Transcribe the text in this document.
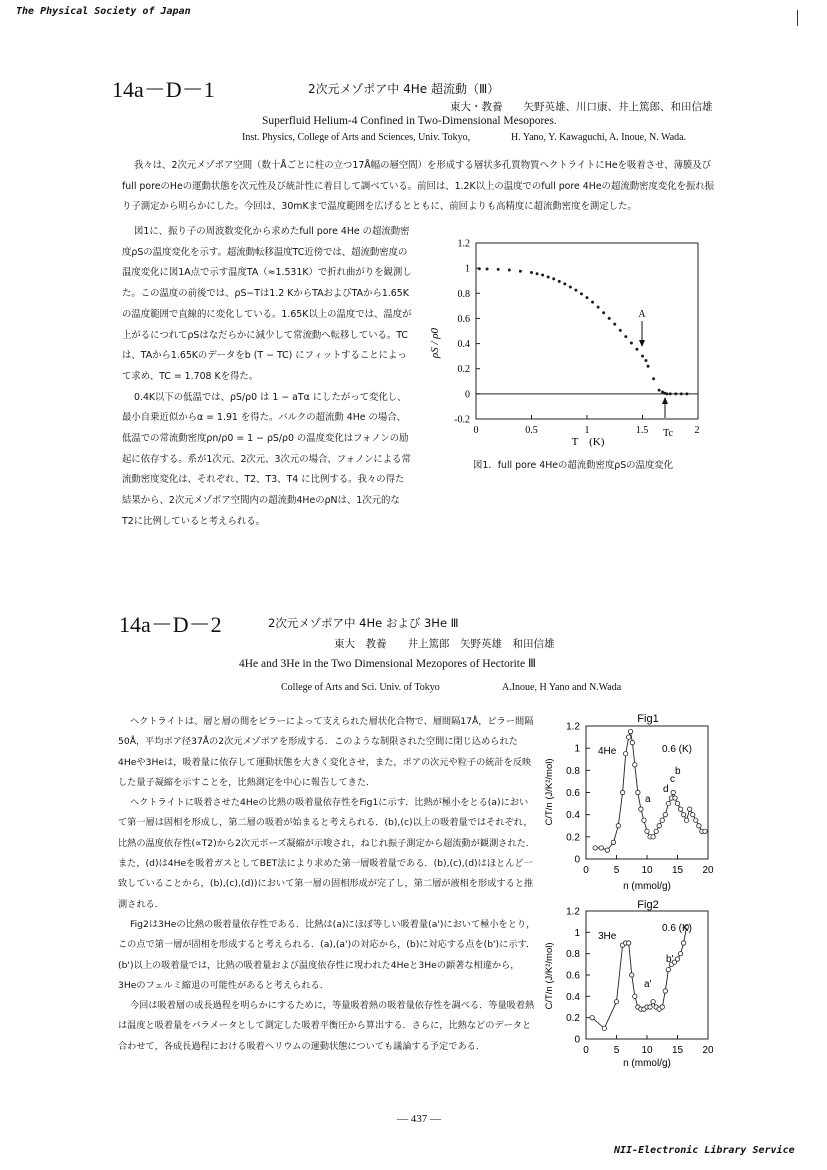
The Physical Society of Japan
14a－D－1	2次元メゾポア中 4He 超流動（Ⅲ）
東大・教養　　矢野英雄、川口康、井上篤郎、和田信雄
Superfluid Helium-4 Confined in Two-Dimensional Mesopores.
Inst. Physics, College of Arts and Sciences, Univ. Tokyo,	H. Yano, Y. Kawaguchi, A. Inoue, N. Wada.

我々は、2次元メゾポア空間（数十Åごとに柱の立つ17Å幅の層空間）を形成する層状多孔質物質ヘクトライトにHeを吸着させ、薄膜及びfull poreのHeの運動状態を次元性及び統計性に着目して調べている。前回は、1.2K以上の温度でのfull pore 4Heの超流動密度変化を振れ振り子測定から明らかにした。今回は、30mKまで温度範囲を広げるとともに、前回よりも高精度に超流動密度を測定した。

図1に、振り子の周波数変化から求めたfull pore 4He の超流動密度ρSの温度変化を示す。超流動転移温度TC近傍では、超流動密度の温度変化に図1A点で示す温度TA（≈1.531K）で折れ曲がりを観測した。この温度の前後では、ρS−Tは1.2 KからTAおよびTAから1.65Kの温度範囲で直線的に変化している。1.65K以上の温度では、温度が上がるにつれてρSはなだらかに減少して常流動へ転移している。TCは、TAから1.65Kのデータをb (T − TC) にフィットすることによって求め、TC = 1.708 Kを得た。

0.4K以下の低温では、ρS/ρ0 は 1 − aTα にしたがって変化し、最小自乗近似からα = 1.91 を得た。バルクの超流動 4He の場合、低温での常流動密度ρn/ρ0 = 1 − ρS/ρ0 の温度変化はフォノンの励起に依存する。系が1次元、2次元、3次元の場合、フォノンによる常流動密度変化は、それぞれ、T2、T3、T4 に比例する。我々の得た結果から、2次元メゾポア空間内の超流動4HeのρNは、1次元的な T2に比例していると考えられる。

-0.2
0
0.2
0.4
0.6
0.8
1
1.2
0	0.5	1	1.5	2
ρS / ρ0
T　(K)
A
Tc
図1．full pore 4Heの超流動密度ρSの温度変化
14a－D－2	2次元メゾポア中 4He および 3He Ⅲ
東大　教養　　井上篤郎　矢野英雄　和田信雄
4He and 3He in the Two Dimensional Mezopores of Hectorite Ⅲ
College of Arts and Sci. Univ. of Tokyo	A.Inoue, H Yano and N.Wada

ヘクトライトは、層と層の間をピラーによって支えられた層状化合物で、層間隔17Å，ピラー間隔50Å，平均ポア径37Åの2次元メゾポアを形成する．このような制限された空間に閉じ込められた4Heや3Heは，吸着量に依存して運動状態を大きく変化させ，また，ポアの次元や粒子の統計を反映した量子凝縮を示すことを，比熱測定を中心に報告してきた．

ヘクトライトに吸着させた4Heの比熱の吸着量依存性をFig1に示す．比熱が極小をとる(a)において第一層は固相を形成し，第二層の吸着が始まると考えられる．(b),(c)以上の吸着量ではそれぞれ，比熱の温度依存性(∝T2)から2次元ボーズ凝縮が示唆され，ねじれ振子測定から超流動が観測された．また，(d)は4Heを吸着ガスとしてBET法により求めた第一層吸着量である．(b),(c),(d)はほとんど一致していることから，(b),(c),(d))において第一層の固相形成が完了し，第二層が液相を形成すると推測される．

Fig2は3Heの比熱の吸着量依存性である．比熱は(a)にほぼ等しい吸着量(a')において極小をとり，この点で第一層が固相を形成すると考えられる．(a),(a')の対応から，(b)に対応する点を(b')に示す．(b')以上の吸着量では，比熱の吸着量および温度依存性に現われた4Heと3Heの顕著な相違から，3Heのフェルミ縮退の可能性があると考えられる．

今回は吸着層の成長過程を明らかにするために，等量吸着熱の吸着量依存性を調べる．等量吸着熱は温度と吸着量をパラメータとして測定した吸着平衡圧から算出する．さらに，比熱などのデータと合わせて，各成長過程における吸着ヘリウムの運動状態についても議論する予定である．

Fig1
0
0.2
0.4
0.6
0.8
1
1.2
0 5 10 15 20
4He	0.6 (K)
a
b
c
d
C/T/n (J/K²/mol)
n (mmol/g)
Fig2
0
0.2
0.4
0.6
0.8
1
1.2
0 5 10 15 20
3He
0.6 (K)
a'
b'
C/T/n (J/K²/mol)
n (mmol/g)
— 437 —
NII-Electronic Library Service
